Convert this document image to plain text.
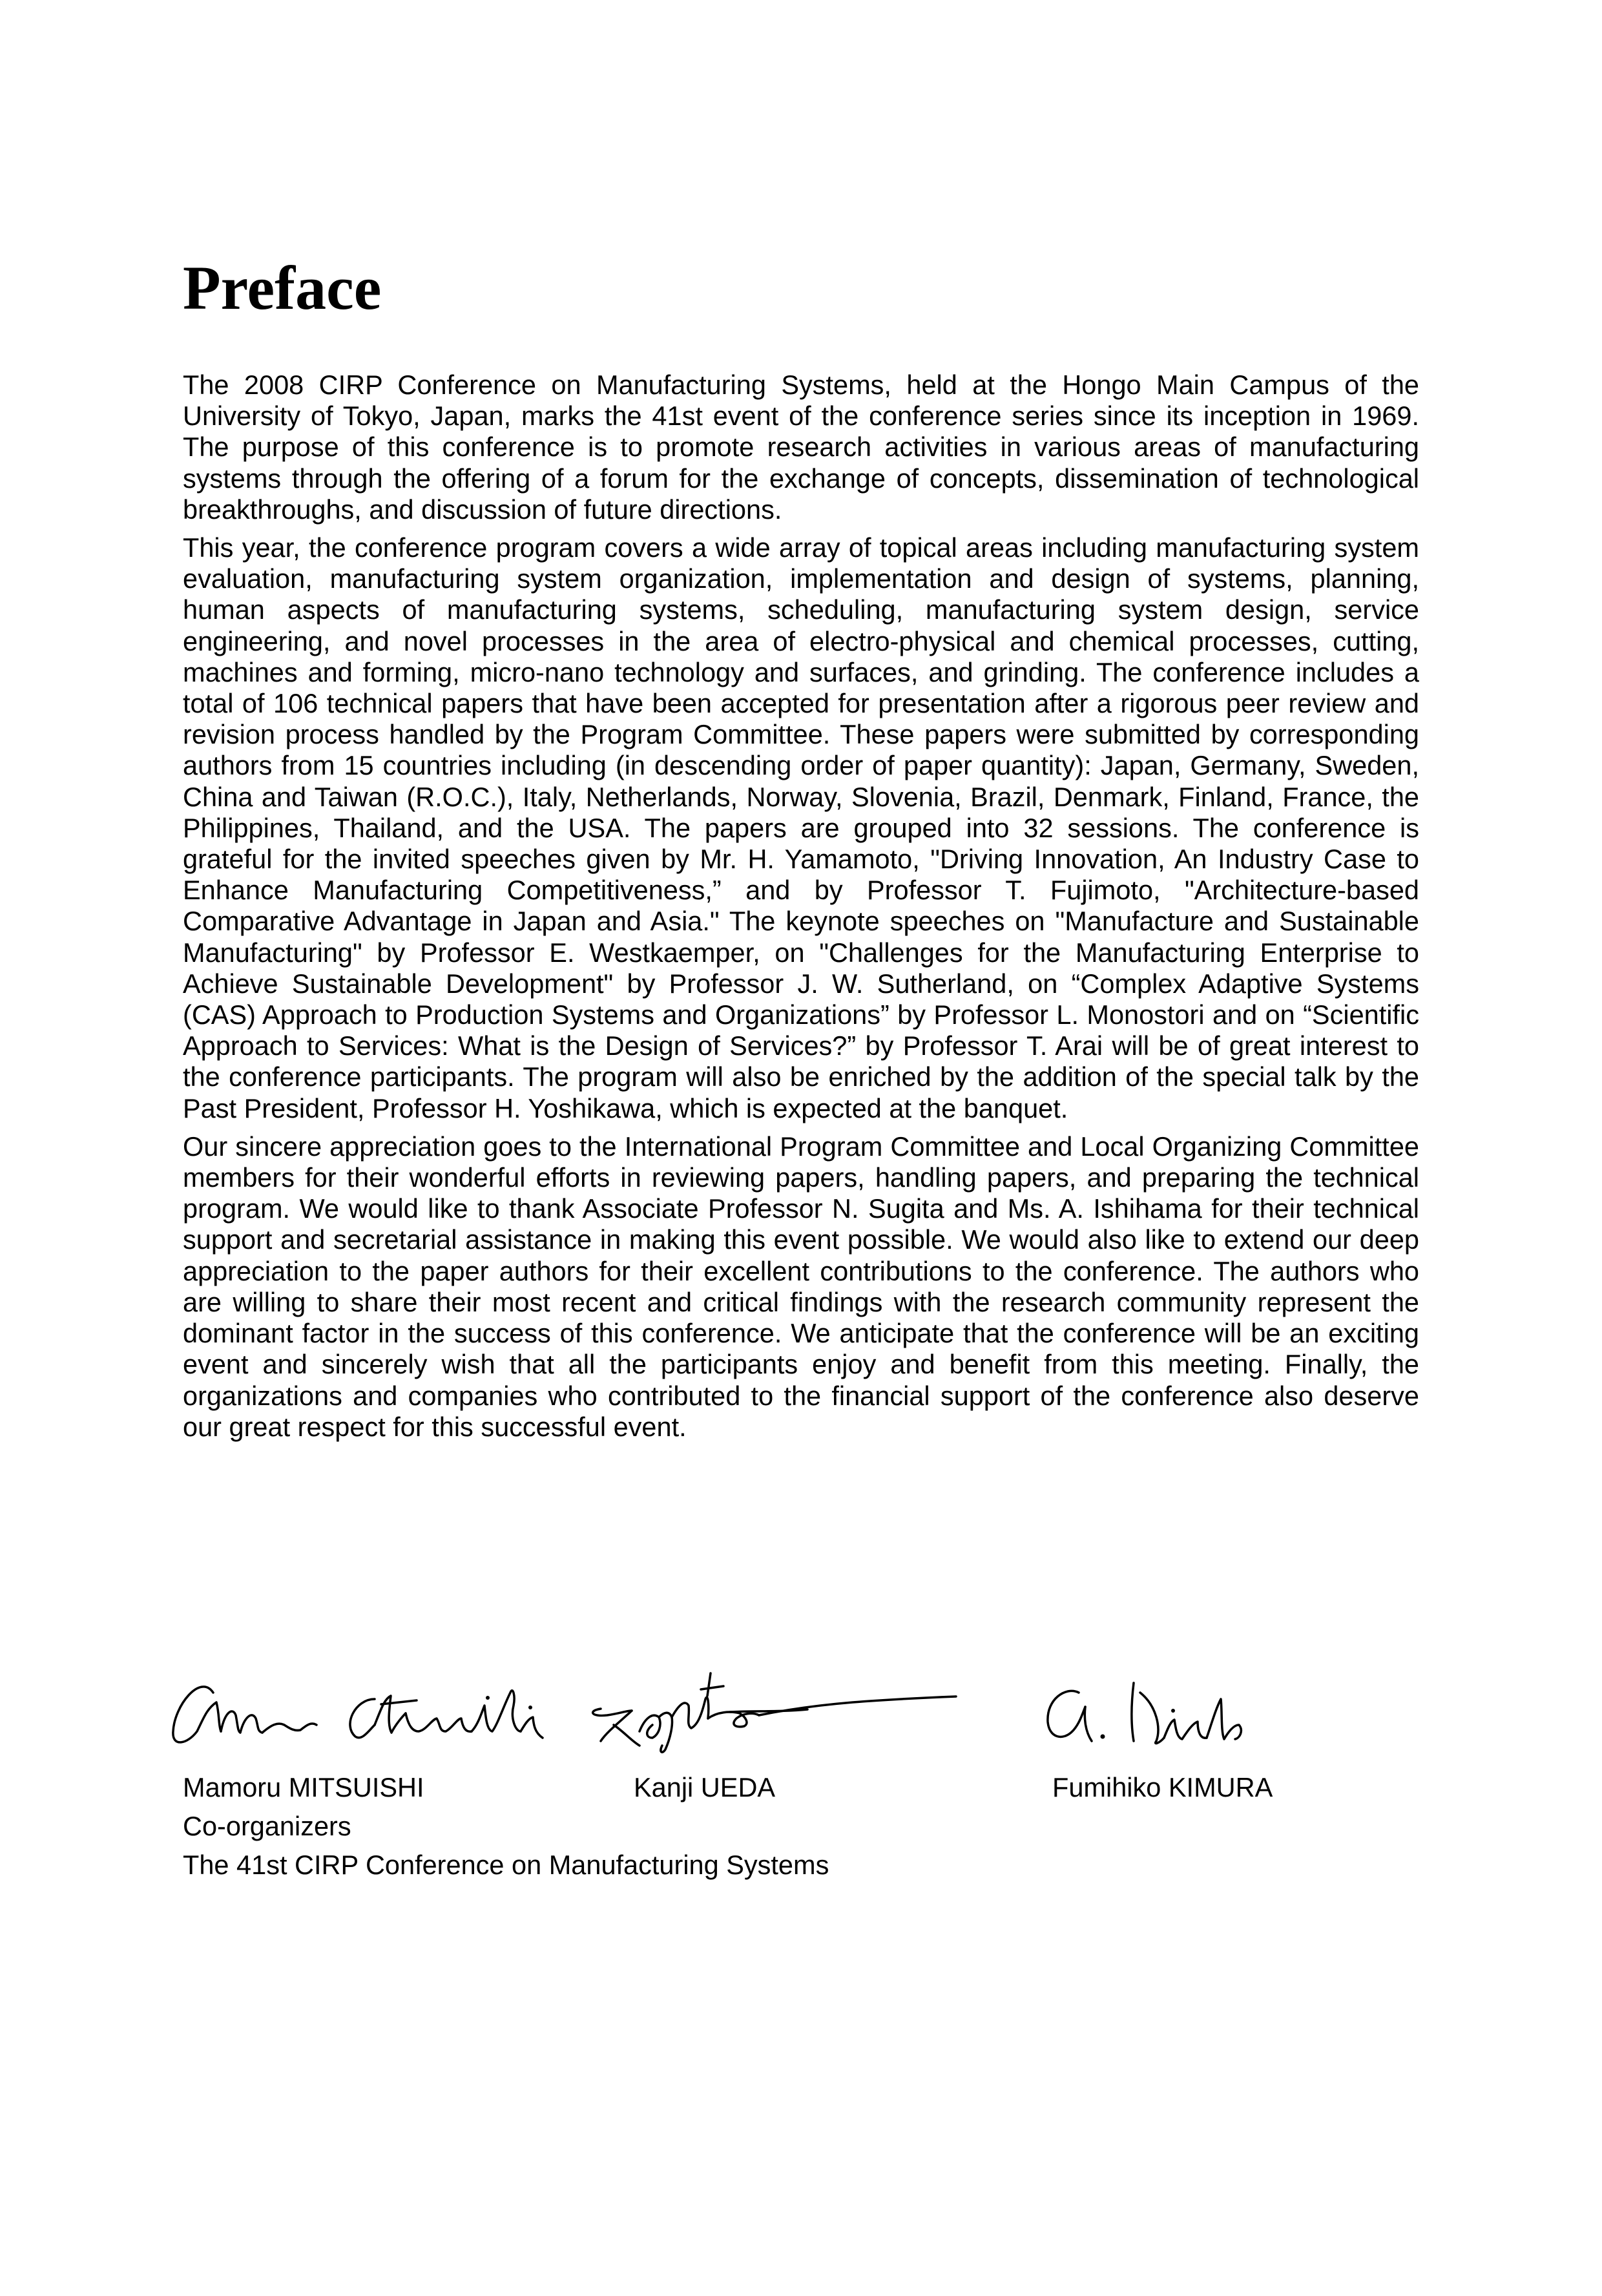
Preface

The 2008 CIRP Conference on Manufacturing Systems, held at the Hongo Main Campus of the University of Tokyo, Japan, marks the 41st event of the conference series since its inception in 1969. The purpose of this conference is to promote research activities in various areas of manufacturing systems through the offering of a forum for the exchange of concepts, dissemination of technological breakthroughs, and discussion of future directions.

This year, the conference program covers a wide array of topical areas including manufacturing system evaluation, manufacturing system organization, implementation and design of systems, planning, human aspects of manufacturing systems, scheduling, manufacturing system design, service engineering, and novel processes in the area of electro-physical and chemical processes, cutting, machines and forming, micro-nano technology and surfaces, and grinding. The conference includes a total of 106 technical papers that have been accepted for presentation after a rigorous peer review and revision process handled by the Program Committee. These papers were submitted by corresponding authors from 15 countries including (in descending order of paper quantity): Japan, Germany, Sweden, China and Taiwan (R.O.C.), Italy, Netherlands, Norway, Slovenia, Brazil, Denmark, Finland, France, the Philippines, Thailand, and the USA. The papers are grouped into 32 sessions. The conference is grateful for the invited speeches given by Mr. H. Yamamoto, "Driving Innovation, An Industry Case to Enhance Manufacturing Competitiveness,” and by Professor T. Fujimoto, "Architecture-based Comparative Advantage in Japan and Asia." The keynote speeches on "Manufacture and Sustainable Manufacturing" by Professor E. Westkaemper, on "Challenges for the Manufacturing Enterprise to Achieve Sustainable Development" by Professor J. W. Sutherland, on “Complex Adaptive Systems (CAS) Approach to Production Systems and Organizations” by Professor L. Monostori and on “Scientific Approach to Services: What is the Design of Services?” by Professor T. Arai will be of great interest to the conference participants. The program will also be enriched by the addition of the special talk by the Past President, Professor H. Yoshikawa, which is expected at the banquet.

Our sincere appreciation goes to the International Program Committee and Local Organizing Committee members for their wonderful efforts in reviewing papers, handling papers, and preparing the technical program. We would like to thank Associate Professor N. Sugita and Ms. A. Ishihama for their technical support and secretarial assistance in making this event possible. We would also like to extend our deep appreciation to the paper authors for their excellent contributions to the conference. The authors who are willing to share their most recent and critical findings with the research community represent the dominant factor in the success of this conference. We anticipate that the conference will be an exciting event and sincerely wish that all the participants enjoy and benefit from this meeting. Finally, the organizations and companies who contributed to the financial support of the conference also deserve our great respect for this successful event.

Mamoru MITSUISHI	Kanji UEDA	Fumihiko KIMURA
Co-organizers
The 41st CIRP Conference on Manufacturing Systems
